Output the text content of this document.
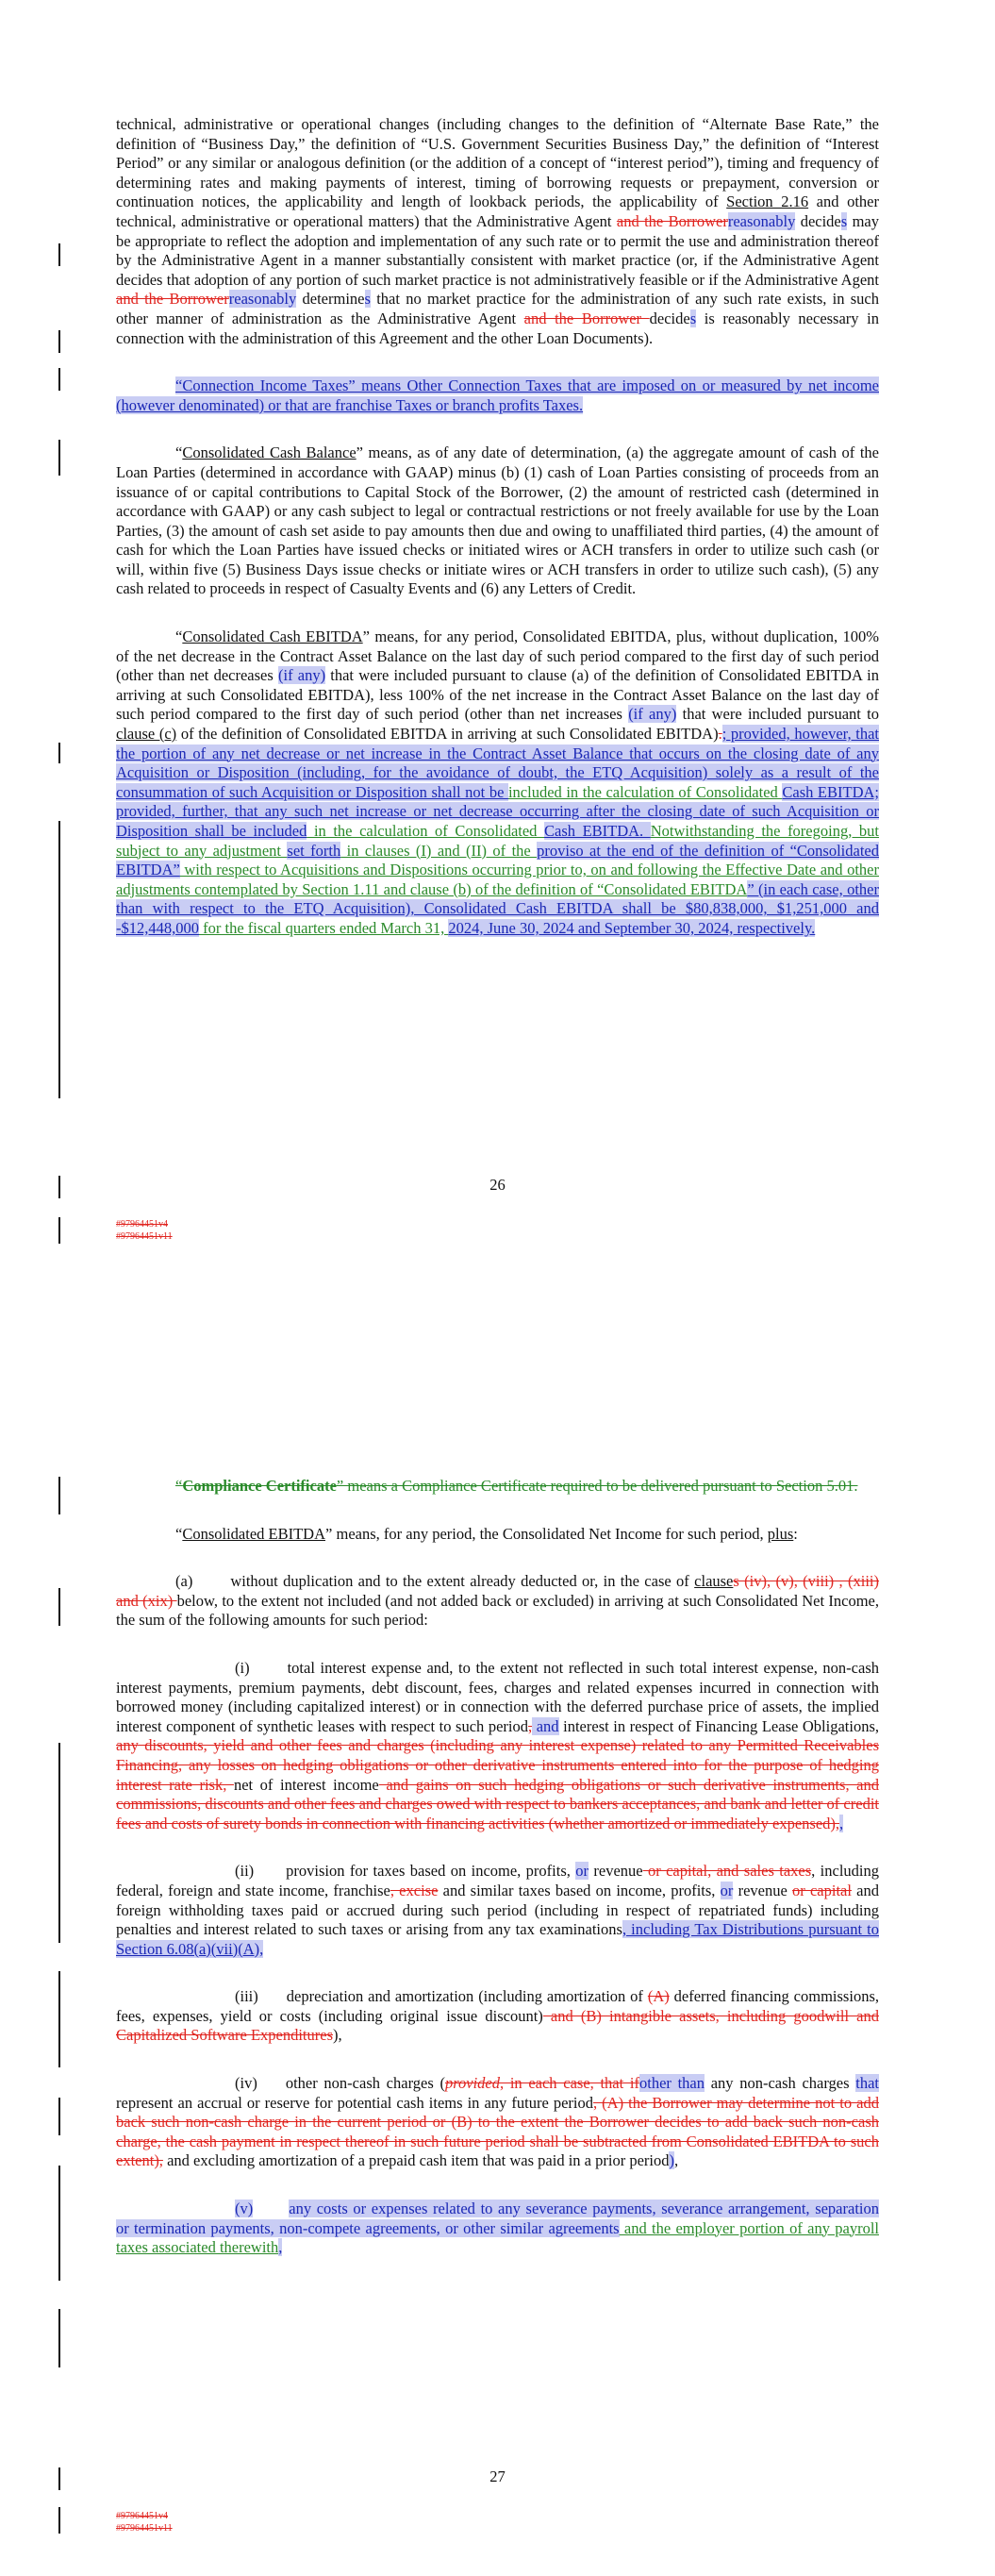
technical, administrative or operational changes (including changes to the definition of “Alternate Base Rate,” the definition of “Business Day,” the definition of “U.S. Government Securities Business Day,” the definition of “Interest Period” or any similar or analogous definition (or the addition of a concept of “interest period”), timing and frequency of determining rates and making payments of interest, timing of borrowing requests or prepayment, conversion or continuation notices, the applicability and length of lookback periods, the applicability of Section 2.16 and other technical, administrative or operational matters) that the Administrative Agent and the Borrowerreasonably decides may be appropriate to reflect the adoption and implementation of any such rate or to permit the use and administration thereof by the Administrative Agent in a manner substantially consistent with market practice (or, if the Administrative Agent decides that adoption of any portion of such market practice is not administratively feasible or if the Administrative Agent and the Borrowerreasonably determines that no market practice for the administration of any such rate exists, in such other manner of administration as the Administrative Agent and the Borrower decides is reasonably necessary in connection with the administration of this Agreement and the other Loan Documents).

“Connection Income Taxes” means Other Connection Taxes that are imposed on or measured by net income (however denominated) or that are franchise Taxes or branch profits Taxes.

“Consolidated Cash Balance” means, as of any date of determination, (a) the aggregate amount of cash of the Loan Parties (determined in accordance with GAAP) minus (b) (1) cash of Loan Parties consisting of proceeds from an issuance of or capital contributions to Capital Stock of the Borrower, (2) the amount of restricted cash (determined in accordance with GAAP) or any cash subject to legal or contractual restrictions or not freely available for use by the Loan Parties, (3) the amount of cash set aside to pay amounts then due and owing to unaffiliated third parties, (4) the amount of cash for which the Loan Parties have issued checks or initiated wires or ACH transfers in order to utilize such cash (or will, within five (5) Business Days issue checks or initiate wires or ACH transfers in order to utilize such cash), (5) any cash related to proceeds in respect of Casualty Events and (6) any Letters of Credit.

“Consolidated Cash EBITDA” means, for any period, Consolidated EBITDA, plus, without duplication, 100% of the net decrease in the Contract Asset Balance on the last day of such period compared to the first day of such period (other than net decreases (if any) that were included pursuant to clause (a) of the definition of Consolidated EBITDA in arriving at such Consolidated EBITDA), less 100% of the net increase in the Contract Asset Balance on the last day of such period compared to the first day of such period (other than net increases (if any) that were included pursuant to clause (c) of the definition of Consolidated EBITDA in arriving at such Consolidated EBITDA).; provided, however, that the portion of any net decrease or net increase in the Contract Asset Balance that occurs on the closing date of any Acquisition or Disposition (including, for the avoidance of doubt, the ETQ Acquisition) solely as a result of the consummation of such Acquisition or Disposition shall not be included in the calculation of Consolidated Cash EBITDA; provided, further, that any such net increase or net decrease occurring after the closing date of such Acquisition or Disposition shall be included in the calculation of Consolidated Cash EBITDA. Notwithstanding the foregoing, but subject to any adjustment set forth in clauses (I) and (II) of the proviso at the end of the definition of “Consolidated EBITDA” with respect to Acquisitions and Dispositions occurring prior to, on and following the Effective Date and other adjustments contemplated by Section 1.11 and clause (b) of the definition of “Consolidated EBITDA” (in each case, other than with respect to the ETQ Acquisition), Consolidated Cash EBITDA shall be $80,838,000, $1,251,000 and -$12,448,000 for the fiscal quarters ended March 31, 2024, June 30, 2024 and September 30, 2024, respectively.

26
#97964451v4
#97964451v11

“Compliance Certificate” means a Compliance Certificate required to be delivered pursuant to Section 5.01.

“Consolidated EBITDA” means, for any period, the Consolidated Net Income for such period, plus:

(a) without duplication and to the extent already deducted or, in the case of clauses (iv), (v), (viii) , (xiii) and (xix) below, to the extent not included (and not added back or excluded) in arriving at such Consolidated Net Income, the sum of the following amounts for such period:

(i) total interest expense and, to the extent not reflected in such total interest expense, non-cash interest payments, premium payments, debt discount, fees, charges and related expenses incurred in connection with borrowed money (including capitalized interest) or in connection with the deferred purchase price of assets, the implied interest component of synthetic leases with respect to such period, and interest in respect of Financing Lease Obligations, any discounts, yield and other fees and charges (including any interest expense) related to any Permitted Receivables Financing, any losses on hedging obligations or other derivative instruments entered into for the purpose of hedging interest rate risk, net of interest income and gains on such hedging obligations or such derivative instruments, and commissions, discounts and other fees and charges owed with respect to bankers acceptances, and bank and letter of credit fees and costs of surety bonds in connection with financing activities (whether amortized or immediately expensed),,

(ii) provision for taxes based on income, profits, or revenue or capital, and sales taxes, including federal, foreign and state income, franchise, excise and similar taxes based on income, profits, or revenue or capital and foreign withholding taxes paid or accrued during such period (including in respect of repatriated funds) including penalties and interest related to such taxes or arising from any tax examinations, including Tax Distributions pursuant to Section 6.08(a)(vii)(A),

(iii) depreciation and amortization (including amortization of (A) deferred financing commissions, fees, expenses, yield or costs (including original issue discount) and (B) intangible assets, including goodwill and Capitalized Software Expenditures),

(iv) other non-cash charges (provided, in each case, that ifother than any non-cash charges that represent an accrual or reserve for potential cash items in any future period, (A) the Borrower may determine not to add back such non-cash charge in the current period or (B) to the extent the Borrower decides to add back such non-cash charge, the cash payment in respect thereof in such future period shall be subtracted from Consolidated EBITDA to such extent), and excluding amortization of a prepaid cash item that was paid in a prior period),

(v) any costs or expenses related to any severance payments, severance arrangement, separation or termination payments, non-compete agreements, or other similar agreements and the employer portion of any payroll taxes associated therewith,

27
#97964451v4
#97964451v11
